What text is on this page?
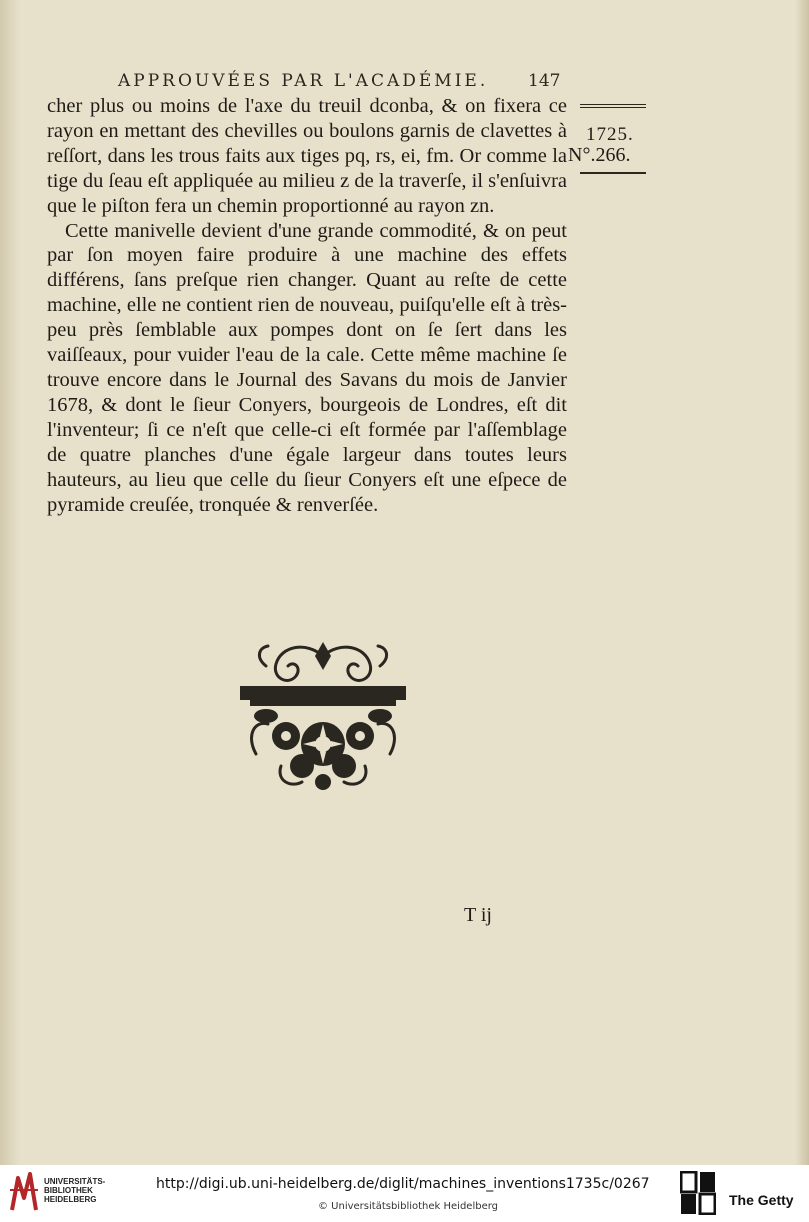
APPROUVÉES PAR L'ACADÉMIE.	147
1725.
N°.266.

cher plus ou moins de l'axe du treuil dconba, & on fixera ce rayon en mettant des chevilles ou boulons garnis de clavettes à reſſort, dans les trous faits aux tiges pq, rs, ei, fm. Or comme la tige du ſeau eſt appliquée au milieu z de la traverſe, il s'enſuivra que le piſton fera un chemin proportionné au rayon zn.

Cette manivelle devient d'une grande commodité, & on peut par ſon moyen faire produire à une machine des effets différens, ſans preſque rien changer. Quant au reſte de cette machine, elle ne contient rien de nouveau, puiſqu'elle eſt à très-peu près ſemblable aux pompes dont on ſe ſert dans les vaiſſeaux, pour vuider l'eau de la cale. Cette même machine ſe trouve encore dans le Journal des Savans du mois de Janvier 1678, & dont le ſieur Conyers, bourgeois de Londres, eſt dit l'inventeur; ſi ce n'eſt que celle-ci eſt formée par l'aſſemblage de quatre planches d'une égale largeur dans toutes leurs hauteurs, au lieu que celle du ſieur Conyers eſt une eſpece de pyramide creuſée, tronquée & renverſée.

T ij
UNIVERSITÄTS-
BIBLIOTHEK
HEIDELBERG
http://digi.ub.uni-heidelberg.de/diglit/machines_inventions1735c/0267
© Universitätsbibliothek Heidelberg	The Getty
